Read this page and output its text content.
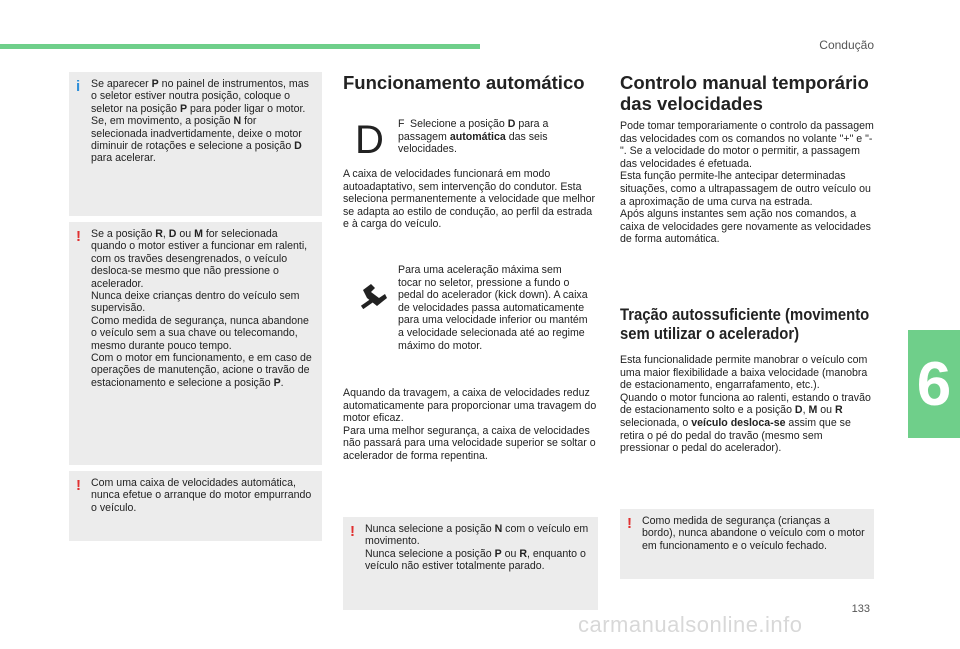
Condução
6
i Se aparecer P no painel de instrumentos, mas o seletor estiver noutra posição, coloque o seletor na posição P para poder ligar o motor.

Se, em movimento, a posição N for selecionada inadvertidamente, deixe o motor diminuir de rotações e selecione a posição D para acelerar.

! Se a posição R, D ou M for selecionada quando o motor estiver a funcionar em ralenti, com os travões desengrenados, o veículo desloca-se mesmo que não pressione o acelerador.

Nunca deixe crianças dentro do veículo sem supervisão.

Como medida de segurança, nunca abandone o veículo sem a sua chave ou telecomando, mesmo durante pouco tempo.

Com o motor em funcionamento, e em caso de operações de manutenção, acione o travão de estacionamento e selecione a posição P.

! Com uma caixa de velocidades automática, nunca efetue o arranque do motor empurrando o veículo.

Funcionamento automático
D F Selecione a posição D para a passagem automática das seis velocidades.

A caixa de velocidades funcionará em modo autoadaptativo, sem intervenção do condutor. Esta seleciona permanentemente a velocidade que melhor se adapta ao estilo de condução, ao perfil da estrada e à carga do veículo.

Para uma aceleração máxima sem tocar no seletor, pressione a fundo o pedal do acelerador (kick down). A caixa de velocidades passa automaticamente para uma velocidade inferior ou mantém a velocidade selecionada até ao regime máximo do motor.

Aquando da travagem, a caixa de velocidades reduz automaticamente para proporcionar uma travagem do motor eficaz.

Para uma melhor segurança, a caixa de velocidades não passará para uma velocidade superior se soltar o acelerador de forma repentina.

! Nunca selecione a posição N com o veículo em movimento.

Nunca selecione a posição P ou R, enquanto o veículo não estiver totalmente parado.

Controlo manual temporário das velocidades

Pode tomar temporariamente o controlo da passagem das velocidades com os comandos no volante "+" e "-". Se a velocidade do motor o permitir, a passagem das velocidades é efetuada.

Esta função permite-lhe antecipar determinadas situações, como a ultrapassagem de outro veículo ou a aproximação de uma curva na estrada.

Após alguns instantes sem ação nos comandos, a caixa de velocidades gere novamente as velocidades de forma automática.

Tração autossuficiente (movimento sem utilizar o acelerador)

Esta funcionalidade permite manobrar o veículo com uma maior flexibilidade a baixa velocidade (manobra de estacionamento, engarrafamento, etc.).

Quando o motor funciona ao ralenti, estando o travão de estacionamento solto e a posição D, M ou R selecionada, o veículo desloca-se assim que se retira o pé do pedal do travão (mesmo sem pressionar o pedal do acelerador).

! Como medida de segurança (crianças a bordo), nunca abandone o veículo com o motor em funcionamento e o veículo fechado.

133
carmanualsonline.info
